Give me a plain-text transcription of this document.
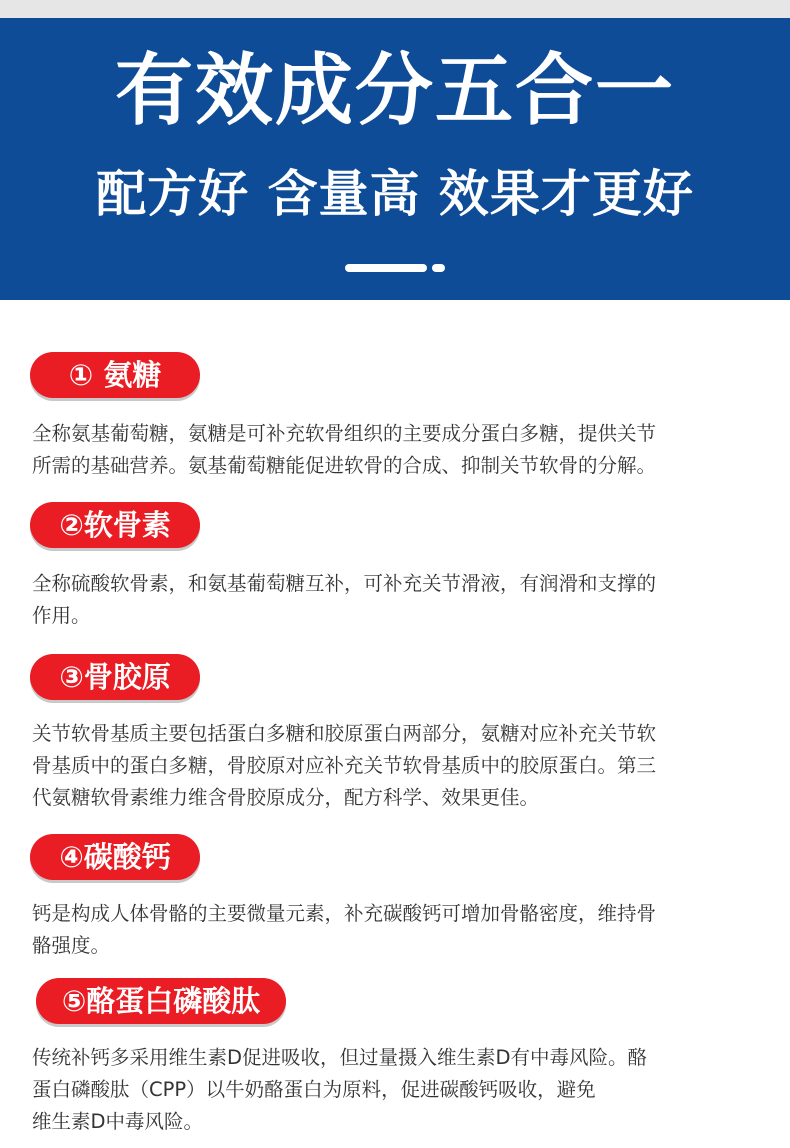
有效成分五合一
配方好 含量高 效果才更好
① 氨糖
全称氨基葡萄糖，氨糖是可补充软骨组织的主要成分蛋白多糖，提供关节
所需的基础营养。氨基葡萄糖能促进软骨的合成、抑制关节软骨的分解。
②软骨素
全称硫酸软骨素，和氨基葡萄糖互补，可补充关节滑液，有润滑和支撑的
作用。
③骨胶原
关节软骨基质主要包括蛋白多糖和胶原蛋白两部分，氨糖对应补充关节软
骨基质中的蛋白多糖，骨胶原对应补充关节软骨基质中的胶原蛋白。第三
代氨糖软骨素维力维含骨胶原成分，配方科学、效果更佳。
④碳酸钙
钙是构成人体骨骼的主要微量元素，补充碳酸钙可增加骨骼密度，维持骨
骼强度。
⑤酪蛋白磷酸肽
传统补钙多采用维生素D促进吸收，但过量摄入维生素D有中毒风险。酪
蛋白磷酸肽（CPP）以牛奶酪蛋白为原料，促进碳酸钙吸收，避免
维生素D中毒风险。
